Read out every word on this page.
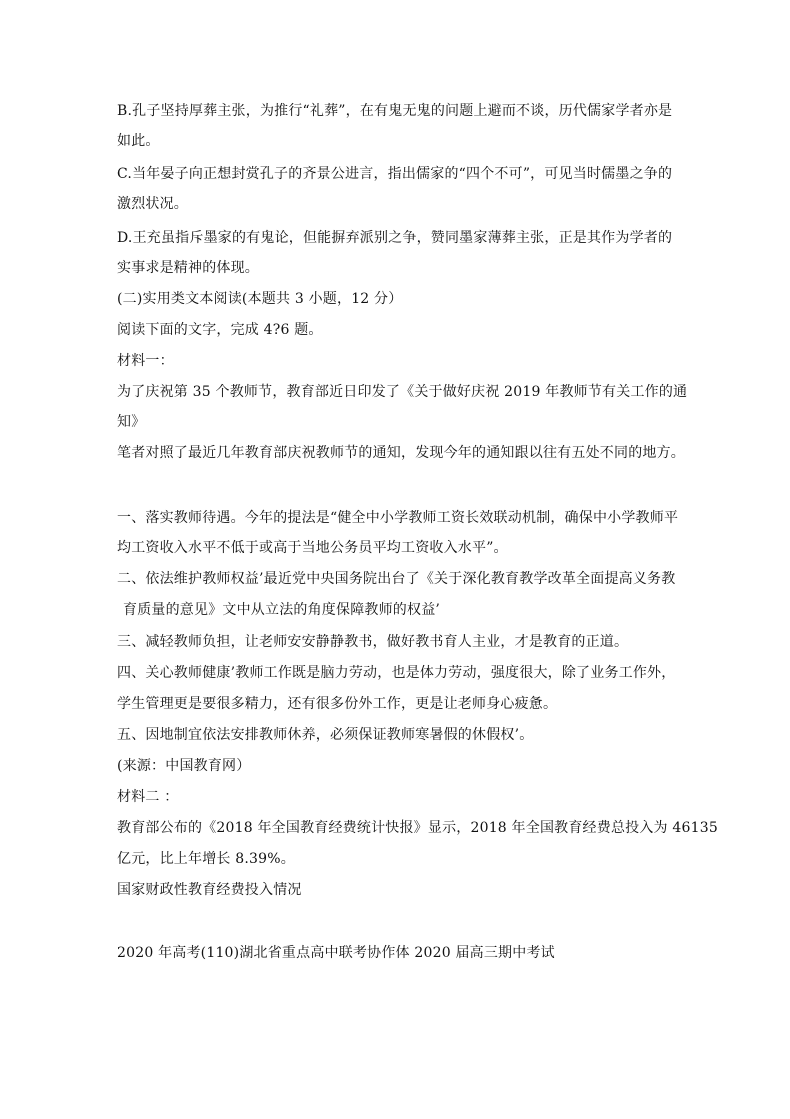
B.孔子坚持厚葬主张，为推行“礼葬”，在有鬼无鬼的问题上避而不谈，历代儒家学者亦是
如此。
C.当年晏子向正想封赏孔子的齐景公进言，指出儒家的“四个不可”，可见当时儒墨之争的
激烈状况。
D.王充虽指斥墨家的有鬼论，但能摒弃派别之争，赞同墨家薄葬主张，正是其作为学者的
实事求是精神的体现。
(二)实用类文本阅读(本题共 3 小题，12 分）
阅读下面的文字，完成 4?6 题。
材料一：
为了庆祝第 35 个教师节，教育部近日印发了《关于做好庆祝 2019 年教师节有关工作的通
知》
笔者对照了最近几年教育部庆祝教师节的通知，发现今年的通知跟以往有五处不同的地方。
一、落实教师待遇。今年的提法是“健全中小学教师工资长效联动机制，确保中小学教师平
均工资收入水平不低于或高于当地公务员平均工资收入水平”。
二、依法维护教师权益’最近党中央国务院出台了《关于深化教育教学改革全面提高义务教
育质量的意见》文中从立法的角度保障教师的权益’
三、减轻教师负担，让老师安安静静教书，做好教书育人主业，才是教育的正道。
四、关心教师健康’教师工作既是脑力劳动，也是体力劳动，强度很大，除了业务工作外，
学生管理更是要很多精力，还有很多份外工作，更是让老师身心疲惫。
五、因地制宜依法安排教师休养，必须保证教师寒暑假的休假权’。
(来源：中国教育网）
材料二 ：
教育部公布的《2018 年全国教育经费统计快报》显示，2018 年全国教育经费总投入为 46135
亿元，比上年增长 8.39%。
国家财政性教育经费投入情况
2020 年高考(110)湖北省重点高中联考协作体 2020 届高三期中考试
